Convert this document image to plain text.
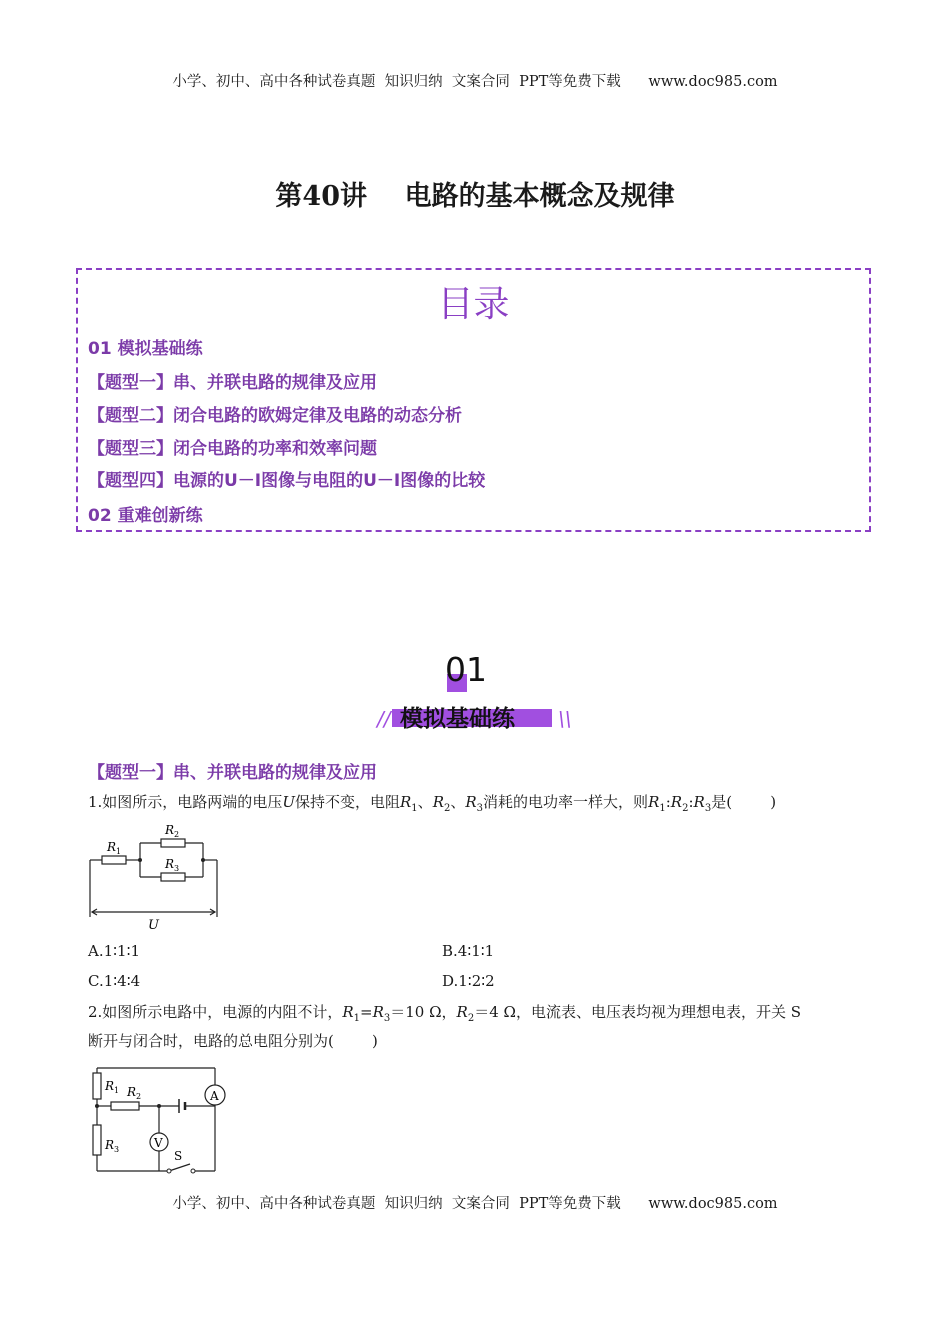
小学、初中、高中各种试卷真题  知识归纳  文案合同  PPT等免费下载      www.doc985.com
第40讲    电路的基本概念及规律
目录
01 模拟基础练
【题型一】串、并联电路的规律及应用
【题型二】闭合电路的欧姆定律及电路的动态分析
【题型三】闭合电路的功率和效率问题
【题型四】电源的U－I图像与电阻的U－I图像的比较
02 重难创新练
01
// 模拟基础练 \\
【题型一】串、并联电路的规律及应用
1.如图所示，电路两端的电压U保持不变，电阻$R_1$、$R_2$、$R_3$消耗的电功率一样大，则$R_1:R_2:R_3$是(        )
$R_1$
$R_2$
$R_3$
U
A.1∶1∶1	B.4∶1∶1
C.1∶4∶4	D.1∶2∶2
2.如图所示电路中，电源的内阻不计，$R_1=R_3=10$ Ω，$R_2=4$ Ω，电流表、电压表均视为理想电表，开关 S
断开与闭合时，电路的总电阻分别为(        )
A
V
$R_1$ $R_2$
$R_3$	S
小学、初中、高中各种试卷真题  知识归纳  文案合同  PPT等免费下载      www.doc985.com
